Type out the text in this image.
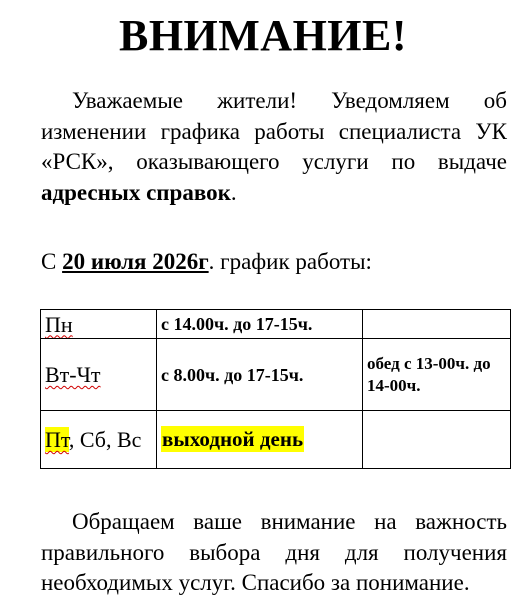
ВНИМАНИЕ!

Уважаемые жители! Уведомляем об изменении графика работы специалиста УК «РСК», оказывающего услуги по выдаче адресных справок.

С 20 июля 2026г. график работы:
Пн	с 14.00ч. до 17-15ч.	
Вт-Чт	с 8.00ч. до 17-15ч.	обед с 13-00ч. до 14-00ч.
Пт, Сб, Вс	выходной день	

Обращаем ваше внимание на важность правильного выбора дня для получения необходимых услуг. Спасибо за понимание.
